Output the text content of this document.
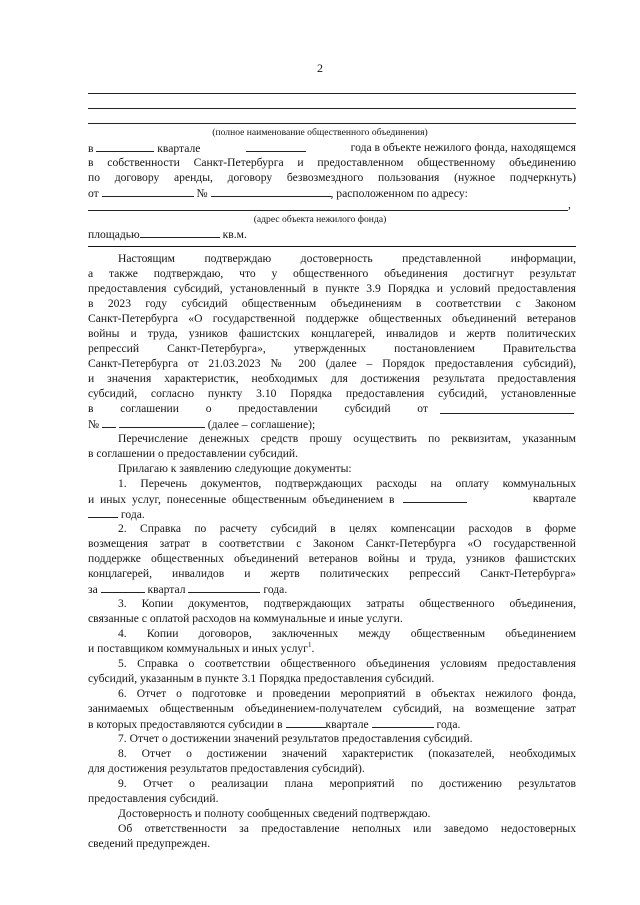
2
(полное наименование общественного объединения)
в	квартале	года в объекте нежилого фонда, находящемся
в собственности Санкт-Петербурга и предоставленном общественному объединению
по договору аренды, договору безвозмездного пользования (нужное подчеркнуть)
от	№	, расположенном по адресу:
,
(адрес объекта нежилого фонда)
площадью	кв.м.
Настоящим подтверждаю достоверность представленной информации,
а также подтверждаю, что у общественного объединения достигнут результат
предоставления субсидий, установленный в пункте 3.9 Порядка и условий предоставления
в 2023 году субсидий общественным объединениям в соответствии с Законом
Санкт-Петербурга «О государственной поддержке общественных объединений ветеранов
войны и труда, узников фашистских концлагерей, инвалидов и жертв политических
репрессий Санкт-Петербурга», утвержденных постановлением Правительства
Санкт-Петербурга от 21.03.2023 № 200 (далее – Порядок предоставления субсидий),
и значения характеристик, необходимых для достижения результата предоставления
субсидий, согласно пункту 3.10 Порядка предоставления субсидий, установленные
в соглашении о предоставлении субсидий от
№	(далее – соглашение);
Перечисление денежных средств прошу осуществить по реквизитам, указанным
в соглашении о предоставлении субсидий.
Прилагаю к заявлению следующие документы:
1. Перечень документов, подтверждающих расходы на оплату коммунальных
и иных услуг, понесенные общественным объединением в	квартале
года.
2. Справка по расчету субсидий в целях компенсации расходов в форме
возмещения затрат в соответствии с Законом Санкт-Петербурга «О государственной
поддержке общественных объединений ветеранов войны и труда, узников фашистских
концлагерей, инвалидов и жертв политических репрессий Санкт-Петербурга»
за	квартал	года.
3. Копии документов, подтверждающих затраты общественного объединения,
связанные с оплатой расходов на коммунальные и иные услуги.
4. Копии договоров, заключенных между общественным объединением
и поставщиком коммунальных и иных услуг$^1$.
5. Справка о соответствии общественного объединения условиям предоставления
субсидий, указанным в пункте 3.1 Порядка предоставления субсидий.
6. Отчет о подготовке и проведении мероприятий в объектах нежилого фонда,
занимаемых общественным объединением-получателем субсидий, на возмещение затрат
в которых предоставляются субсидии в	квартале	года.
7. Отчет о достижении значений результатов предоставления субсидий.
8. Отчет о достижении значений характеристик (показателей, необходимых
для достижения результатов предоставления субсидий).
9. Отчет о реализации плана мероприятий по достижению результатов
предоставления субсидий.
Достоверность и полноту сообщенных сведений подтверждаю.
Об ответственности за предоставление неполных или заведомо недостоверных
сведений предупрежден.
